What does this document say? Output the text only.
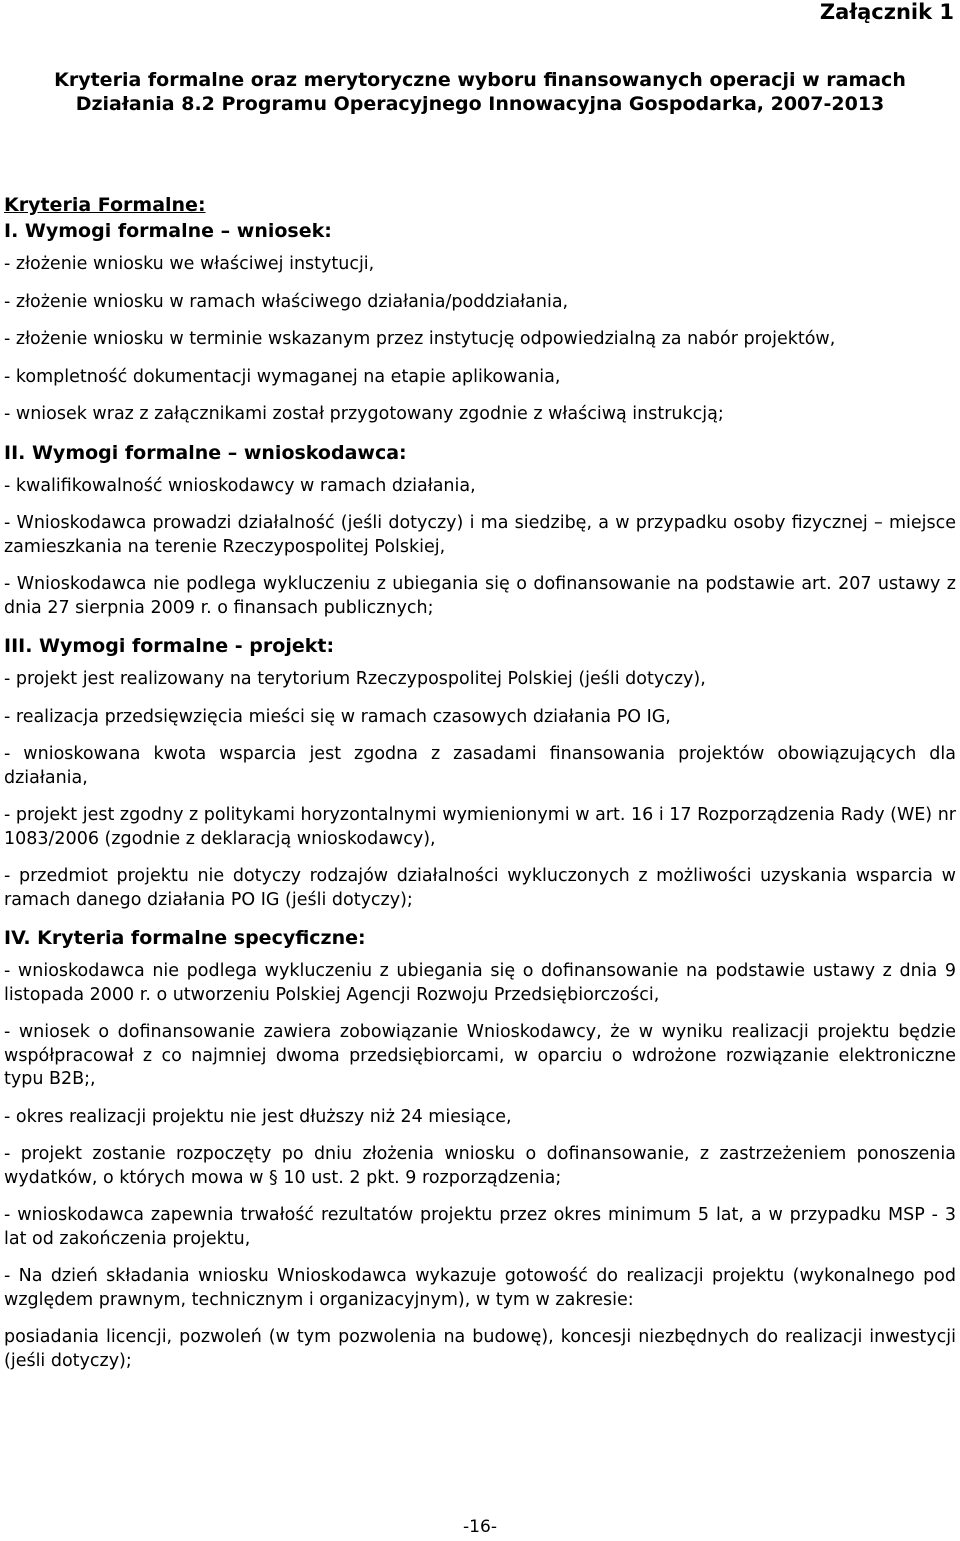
Załącznik 1
Kryteria formalne oraz merytoryczne wyboru finansowanych operacji w ramach
Działania 8.2 Programu Operacyjnego Innowacyjna Gospodarka, 2007-2013
Kryteria Formalne:
I. Wymogi formalne – wniosek:

- złożenie wniosku we właściwej instytucji,

- złożenie wniosku w ramach właściwego działania/poddziałania,

- złożenie wniosku w terminie wskazanym przez instytucję odpowiedzialną za nabór projektów,

- kompletność dokumentacji wymaganej na etapie aplikowania,

- wniosek wraz z załącznikami został przygotowany zgodnie z właściwą instrukcją;

II. Wymogi formalne – wnioskodawca:

- kwalifikowalność wnioskodawcy w ramach działania,

- Wnioskodawca prowadzi działalność (jeśli dotyczy) i ma siedzibę, a w przypadku osoby fizycznej – miejsce zamieszkania na terenie Rzeczypospolitej Polskiej,

- Wnioskodawca nie podlega wykluczeniu z ubiegania się o dofinansowanie na podstawie art. 207 ustawy z dnia 27 sierpnia 2009 r. o finansach publicznych;

III. Wymogi formalne - projekt:

- projekt jest realizowany na terytorium Rzeczypospolitej Polskiej (jeśli dotyczy),

- realizacja przedsięwzięcia mieści się w ramach czasowych działania PO IG,

- wnioskowana kwota wsparcia jest zgodna z zasadami finansowania projektów obowiązujących dla działania,

- projekt jest zgodny z politykami horyzontalnymi wymienionymi w art. 16 i 17 Rozporządzenia Rady (WE) nr 1083/2006 (zgodnie z deklaracją wnioskodawcy),

- przedmiot projektu nie dotyczy rodzajów działalności wykluczonych z możliwości uzyskania wsparcia w ramach danego działania PO IG (jeśli dotyczy);

IV. Kryteria formalne specyficzne:

- wnioskodawca nie podlega wykluczeniu z ubiegania się o dofinansowanie na podstawie ustawy z dnia 9 listopada 2000 r. o utworzeniu Polskiej Agencji Rozwoju Przedsiębiorczości,

- wniosek o dofinansowanie zawiera zobowiązanie Wnioskodawcy, że w wyniku realizacji projektu będzie współpracował z co najmniej dwoma przedsiębiorcami, w oparciu o wdrożone rozwiązanie elektroniczne typu B2B;,

- okres realizacji projektu nie jest dłuższy niż 24 miesiące,

- projekt zostanie rozpoczęty po dniu złożenia wniosku o dofinansowanie, z zastrzeżeniem ponoszenia wydatków, o których mowa w § 10 ust. 2 pkt. 9 rozporządzenia;

- wnioskodawca zapewnia trwałość rezultatów projektu przez okres minimum 5 lat, a w przypadku MSP - 3 lat od zakończenia projektu,

- Na dzień składania wniosku Wnioskodawca wykazuje gotowość do realizacji projektu (wykonalnego pod względem prawnym, technicznym i organizacyjnym), w tym w zakresie:

posiadania licencji, pozwoleń (w tym pozwolenia na budowę), koncesji niezbędnych do realizacji inwestycji (jeśli dotyczy);

-16-
